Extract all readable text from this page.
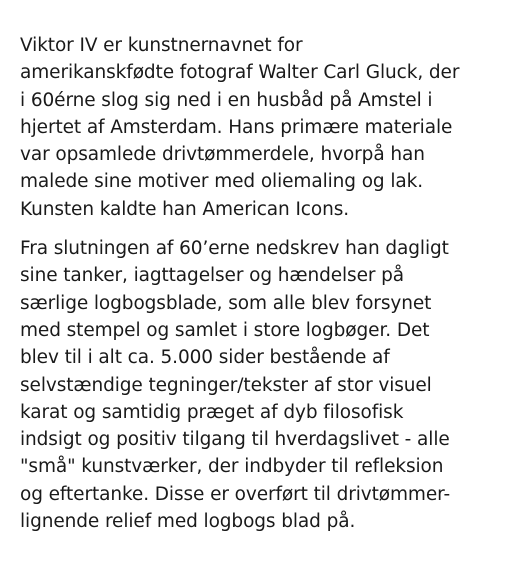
Viktor IV er kunstnernavnet for
amerikanskfødte fotograf Walter Carl Gluck, der
i 60érne slog sig ned i en husbåd på Amstel i
hjertet af Amsterdam. Hans primære materiale
var opsamlede drivtømmerdele, hvorpå han
malede sine motiver med oliemaling og lak.
Kunsten kaldte han American Icons.

Fra slutningen af 60’erne nedskrev han dagligt
sine tanker, iagttagelser og hændelser på
særlige logbogsblade, som alle blev forsynet
med stempel og samlet i store logbøger. Det
blev til i alt ca. 5.000 sider bestående af
selvstændige tegninger/tekster af stor visuel
karat og samtidig præget af dyb filosofisk
indsigt og positiv tilgang til hverdagslivet - alle
"små" kunstværker, der indbyder til refleksion
og eftertanke. Disse er overført til drivtømmer-
lignende relief med logbogs blad på.
